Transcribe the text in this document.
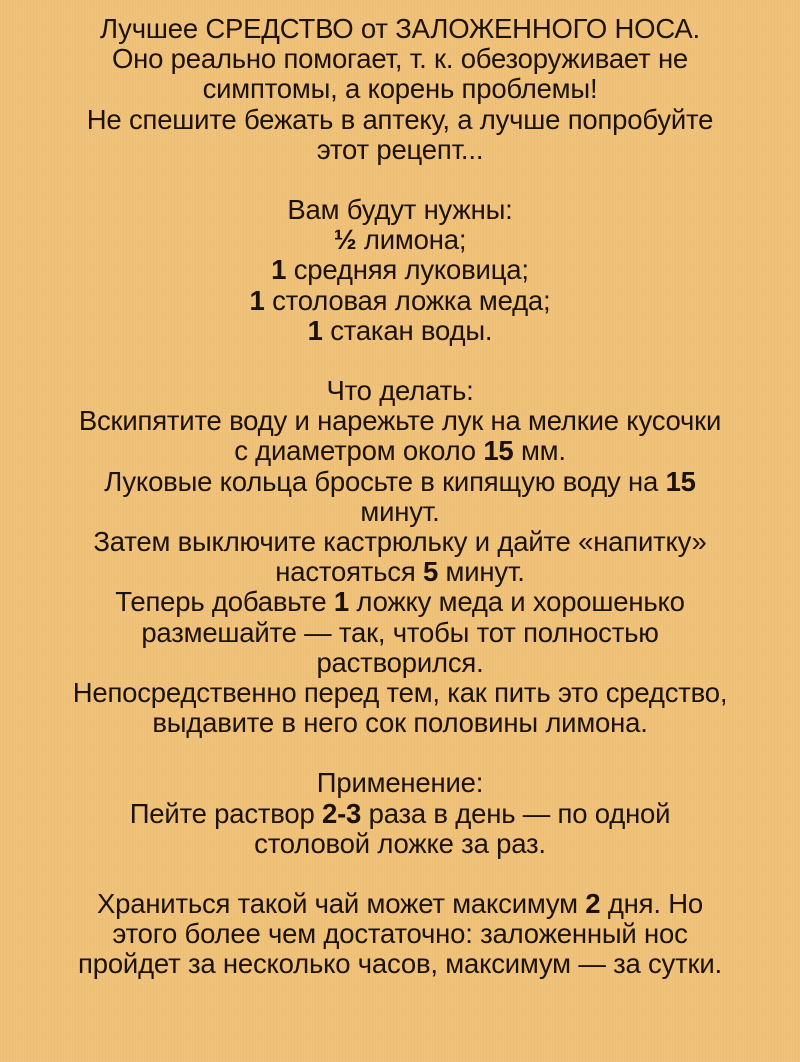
Лучшее СРЕДСТВО от ЗАЛОЖЕННОГО НОСА.

Оно реально помогает, т. к. обезоруживает не

симптомы, а корень проблемы!

Не спешите бежать в аптеку, а лучше попробуйте

этот рецепт...

Вам будут нужны:

½ лимона;

1 средняя луковица;

1 столовая ложка меда;

1 стакан воды.

Что делать:

Вскипятите воду и нарежьте лук на мелкие кусочки

с диаметром около 15 мм.

Луковые кольца бросьте в кипящую воду на 15

минут.

Затем выключите кастрюльку и дайте «напитку»

настояться 5 минут.

Теперь добавьте 1 ложку меда и хорошенько

размешайте — так, чтобы тот полностью

растворился.

Непосредственно перед тем, как пить это средство,

выдавите в него сок половины лимона.

Применение:

Пейте раствор 2-3 раза в день — по одной

столовой ложке за раз.

Храниться такой чай может максимум 2 дня. Но

этого более чем достаточно: заложенный нос

пройдет за несколько часов, максимум — за сутки.
